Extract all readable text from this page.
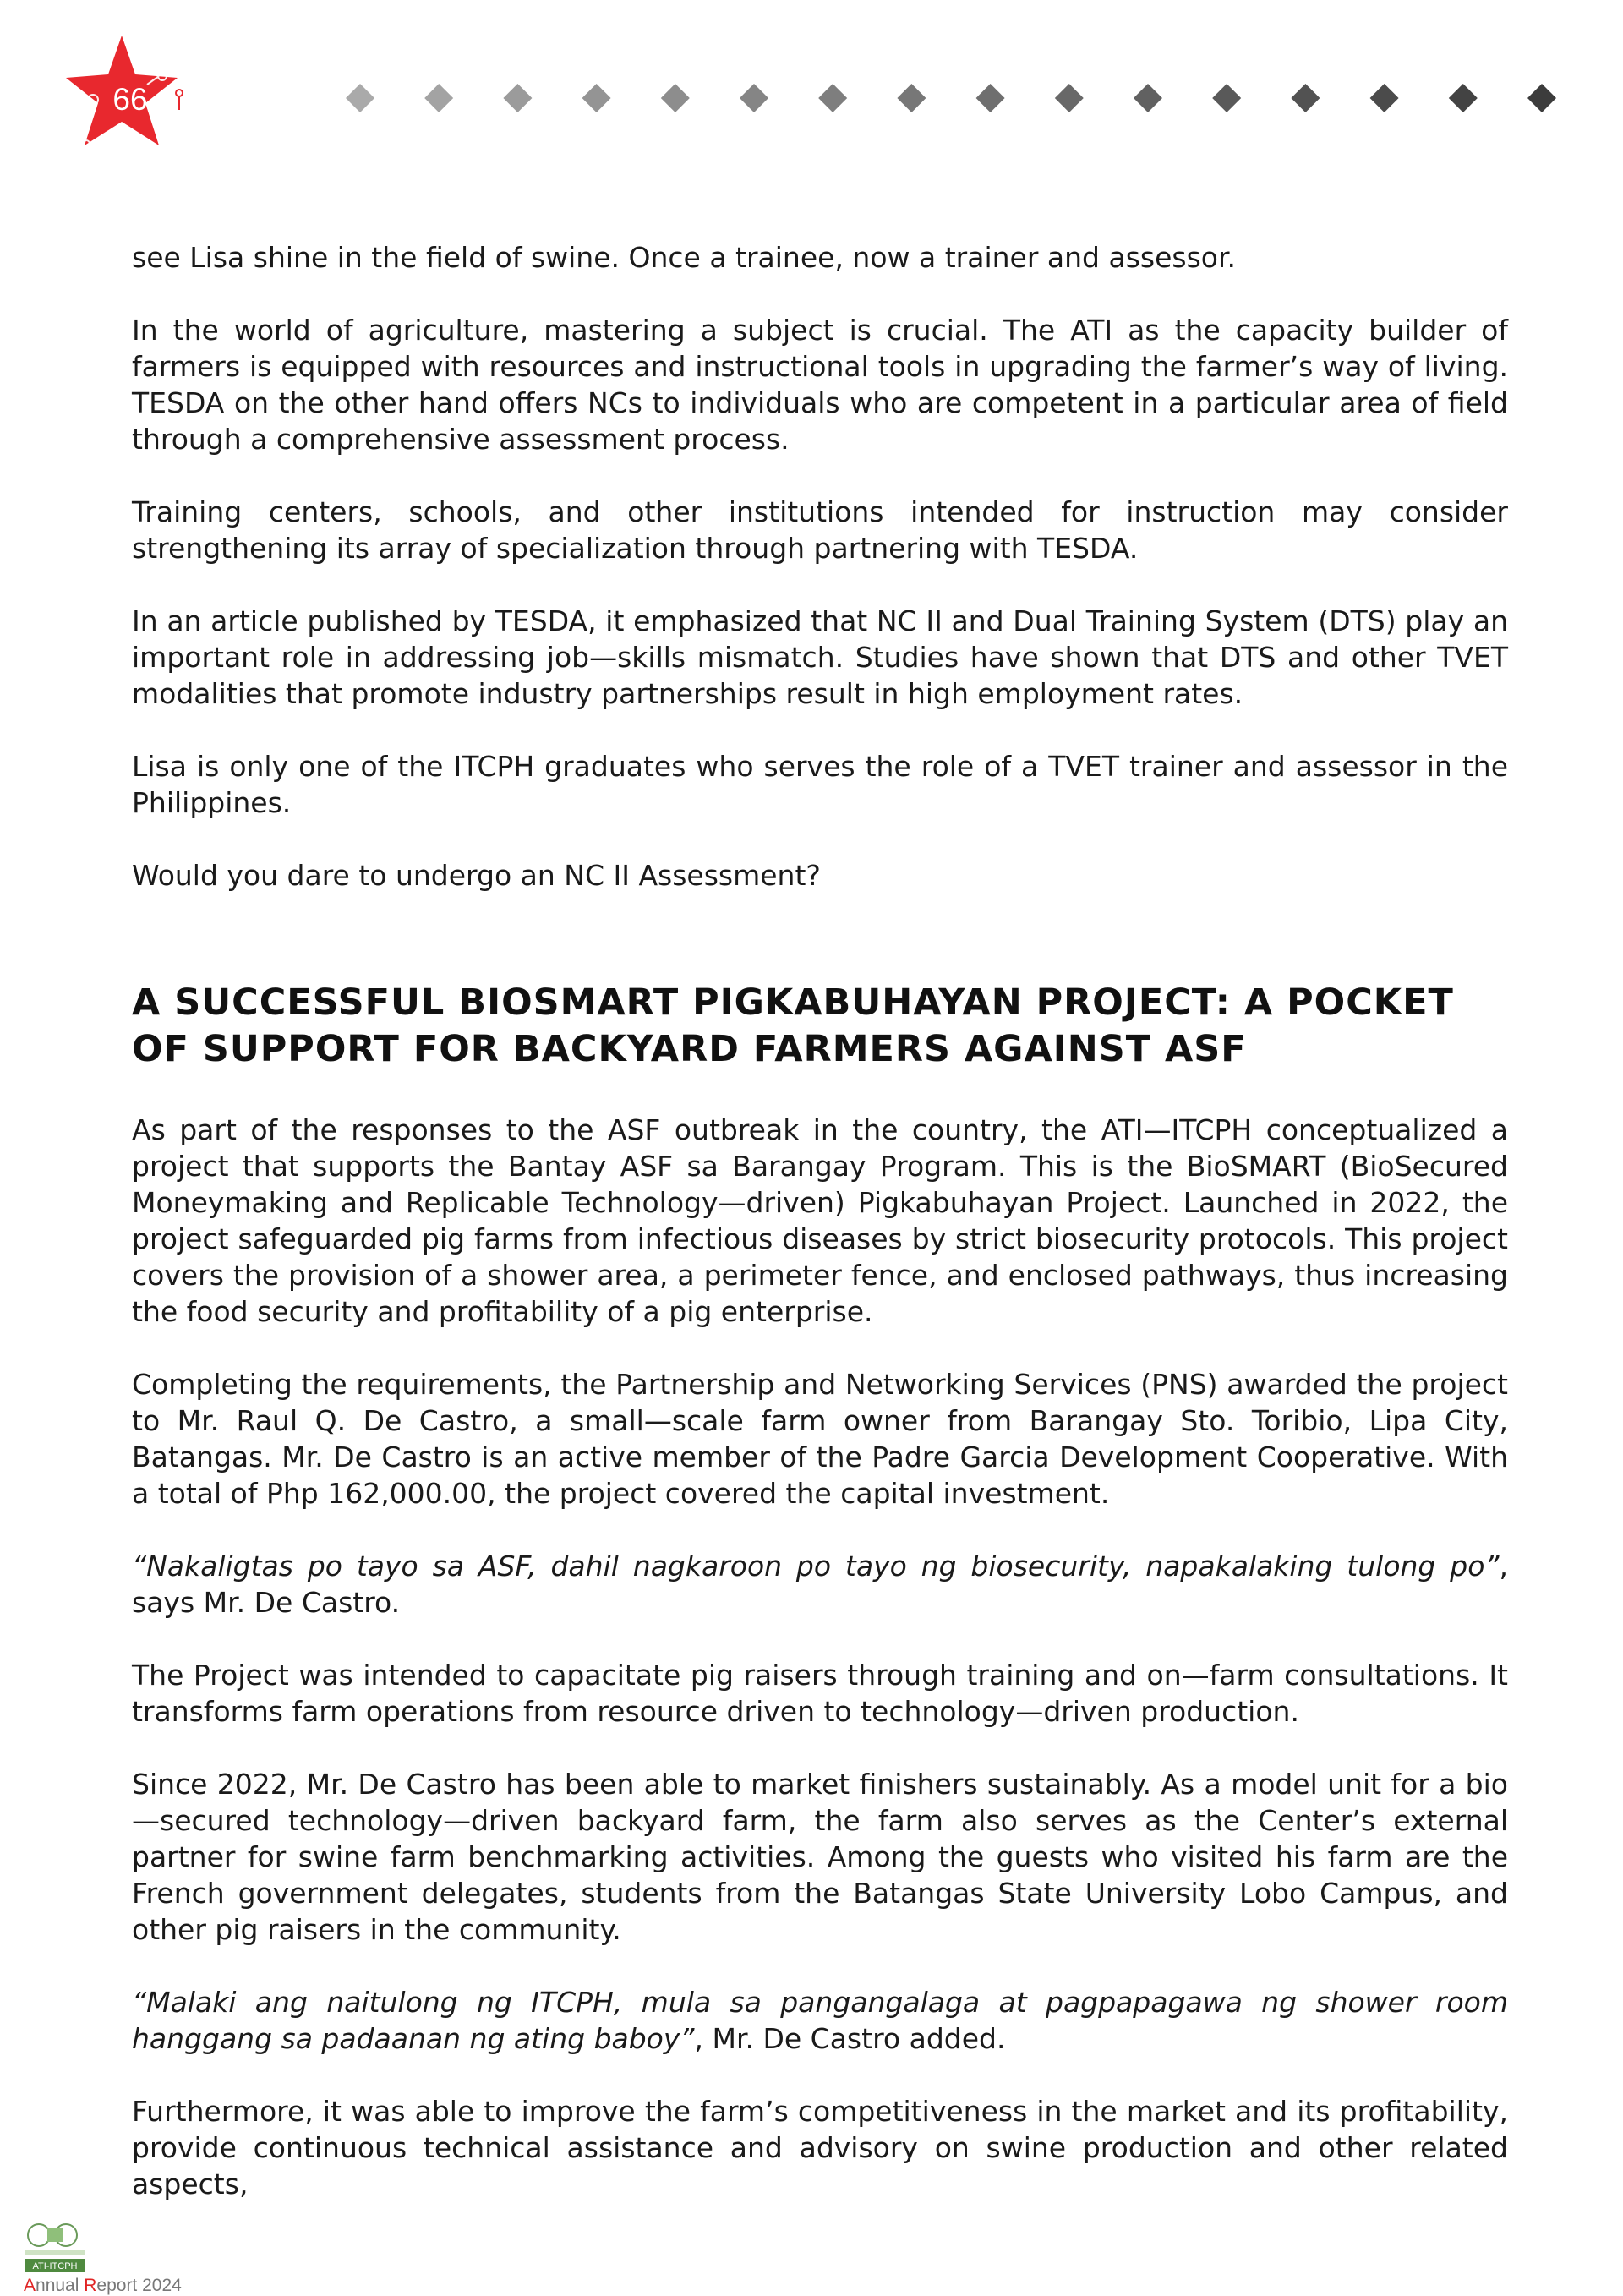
66

see Lisa shine in the field of swine. Once a trainee, now a trainer and assessor.

In the world of agriculture, mastering a subject is crucial. The ATI as the capacity builder of farmers is equipped with resources and instructional tools in upgrading the farmer’s way of living. TESDA on the other hand offers NCs to individuals who are competent in a particular area of field through a comprehensive assessment process.

Training centers, schools, and other institutions intended for instruction may consider strengthening its array of specialization through partnering with TESDA.

In an article published by TESDA, it emphasized that NC II and Dual Training System (DTS) play an important role in addressing job—skills mismatch. Studies have shown that DTS and other TVET modalities that promote industry partnerships result in high employment rates.

Lisa is only one of the ITCPH graduates who serves the role of a TVET trainer and assessor in the Philippines.

Would you dare to undergo an NC II Assessment?

A SUCCESSFUL BIOSMART PIGKABUHAYAN PROJECT: A POCKET OF SUPPORT FOR BACKYARD FARMERS AGAINST ASF

As part of the responses to the ASF outbreak in the country, the ATI—ITCPH conceptualized a project that supports the Bantay ASF sa Barangay Program. This is the BioSMART (BioSecured Moneymaking and Replicable Technology—driven) Pigkabuhayan Project. Launched in 2022, the project safeguarded pig farms from infectious diseases by strict biosecurity protocols. This project covers the provision of a shower area, a perimeter fence, and enclosed pathways, thus increasing the food security and profitability of a pig enterprise.

Completing the requirements, the Partnership and Networking Services (PNS) awarded the project to Mr. Raul Q. De Castro, a small—scale farm owner from Barangay Sto. Toribio, Lipa City, Batangas. Mr. De Castro is an active member of the Padre Garcia Development Cooperative. With a total of Php 162,000.00, the project covered the capital investment.

“Nakaligtas po tayo sa ASF, dahil nagkaroon po tayo ng biosecurity, napakalaking tulong po”, says Mr. De Castro.

The Project was intended to capacitate pig raisers through training and on—farm consultations. It transforms farm operations from resource driven to technology—driven production.

Since 2022, Mr. De Castro has been able to market finishers sustainably. As a model unit for a bio—secured technology—driven backyard farm, the farm also serves as the Center’s external partner for swine farm benchmarking activities. Among the guests who visited his farm are the French government delegates, students from the Batangas State University Lobo Campus, and other pig raisers in the community.

“Malaki ang naitulong ng ITCPH, mula sa pangangalaga at pagpapagawa ng shower room hanggang sa padaanan ng ating baboy”, Mr. De Castro added.

Furthermore, it was able to improve the farm’s competitiveness in the market and its profitability, provide continuous technical assistance and advisory on swine production and other related aspects,

ATI-ITCPH
Annual Report 2024
